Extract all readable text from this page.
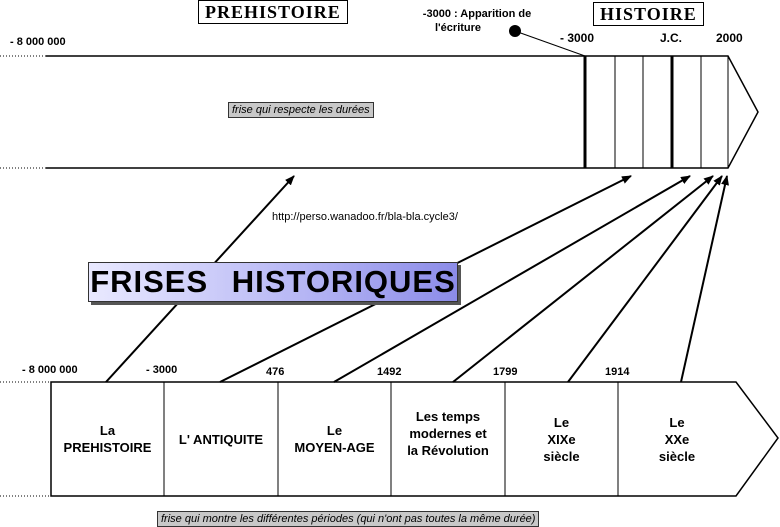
PREHISTOIRE	HISTOIRE
- 8 000 000
-3000 : Apparition de
l'écriture
- 3000	J.C.	2000
frise qui respecte les durées
http://perso.wanadoo.fr/bla-bla.cycle3/
FRISES HISTORIQUES
- 8 000 000	- 3000	476	1492	1799	1914
La
PREHISTOIRE
L' ANTIQUITE
Le
MOYEN-AGE
Les temps
modernes et
la Révolution
Le
XIXe
siècle
Le
XXe
siècle
frise qui montre les différentes périodes (qui n'ont pas toutes la même durée)
